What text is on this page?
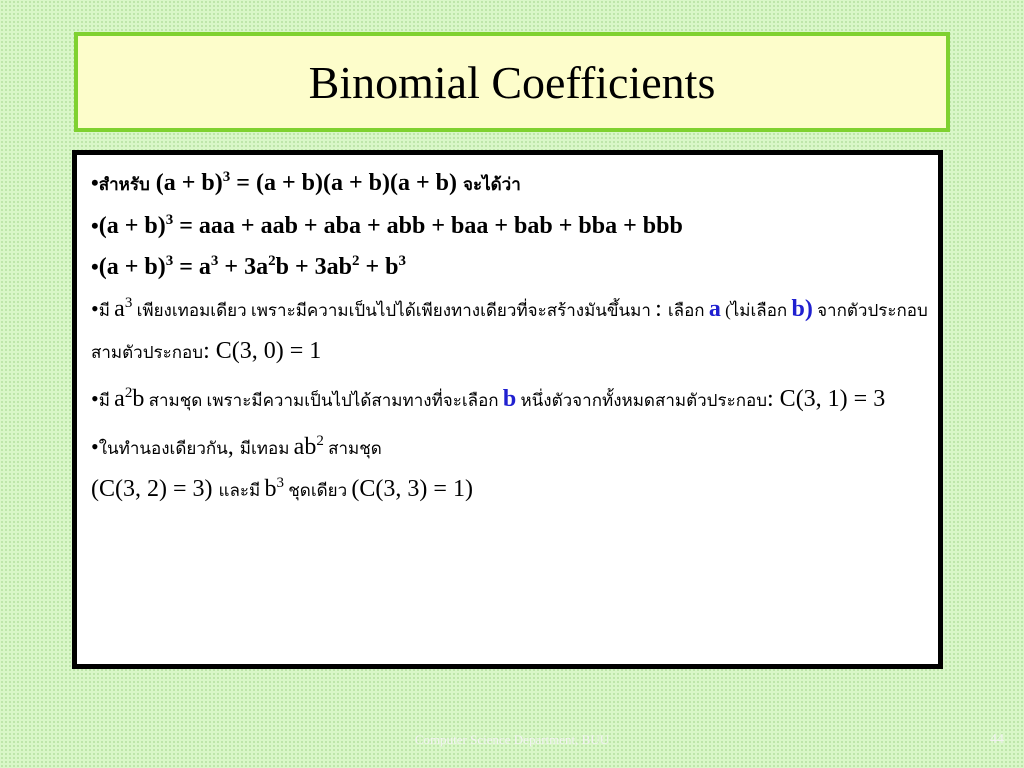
Binomial Coefficients
•สำหรับ $(a + b)^3 = (a + b)(a + b)(a + b)$ จะได้ว่า
•(a + b)$^3$ = aaa + aab + aba + abb + baa + bab + bba + bbb
•(a + $b)^3 = a^3 + 3a^2b + 3ab^2 + b^3$
•มี $a^3$ เพียงเทอมเดียว เพราะมีความเป็นไปได้เพียงทางเดียวที่จะสร้างมันขึ้นมา : เลือก a (ไม่เลือก b) จากตัวประกอบสามตัวประกอบ: C(3, 0) = 1
•มี $a^2b$ สามชุด เพราะมีความเป็นไปได้สามทางที่จะเลือก b หนึ่งตัวจากทั้งหมดสามตัวประกอบ: C(3, 1) = 3
•ในทำนองเดียวกัน, มีเทอม $ab^2$ สามชุด
(C(3, 2) = 3) และมี $b^3$ ชุดเดียว (C(3, 3) = 1)
Computer Science Department, BUU	44
